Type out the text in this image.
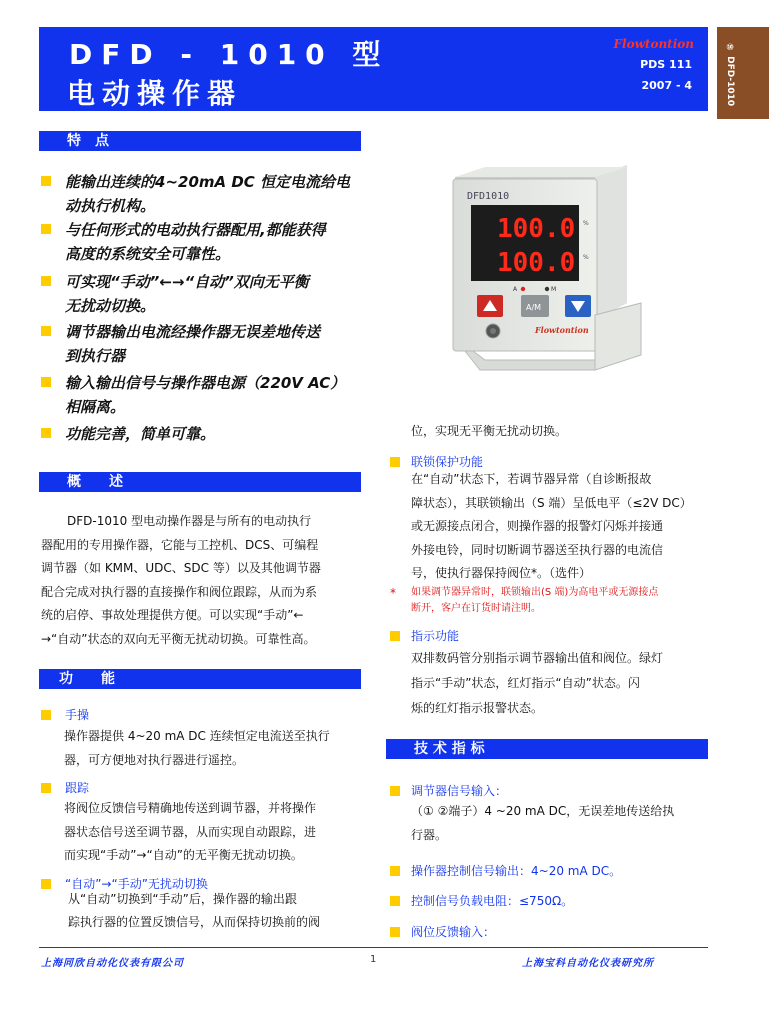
DFD - 1010 型
电动操作器
Flowtontion
PDS 111
2007 - 4	⑩ DFD-1010
特　点
能输出连续的4~20mA DC 恒定电流给电
动执行机构。
与任何形式的电动执行器配用,都能获得
高度的系统安全可靠性。
可实现“手动”←→“自动”双向无平衡
无扰动切换。
调节器输出电流经操作器无误差地传送
到执行器
输入输出信号与操作器电源（220V AC）
相隔离。
功能完善，简单可靠。
DFD1010
100.0
100.0
%
%
A	M
A/M
Flowtontion
概　　述
DFD-1010 型电动操作器是与所有的电动执行
器配用的专用操作器，它能与工控机、DCS、可编程
调节器（如 KMM、UDC、SDC 等）以及其他调节器
配合完成对执行器的直接操作和阀位跟踪，从而为系
统的启停、事故处理提供方便。可以实现“手动”←
→“自动”状态的双向无平衡无扰动切换。可靠性高。
功　　能
手操
操作器提供 4~20 mA DC 连续恒定电流送至执行
器，可方便地对执行器进行遥控。
跟踪
将阀位反馈信号精确地传送到调节器，并将操作
器状态信号送至调节器，从而实现自动跟踪，进
而实现“手动”→“自动”的无平衡无扰动切换。
“自动”→“手动”无扰动切换
从“自动”切换到“手动”后，操作器的输出跟
踪执行器的位置反馈信号，从而保持切换前的阀
位，实现无平衡无扰动切换。
联锁保护功能
在“自动”状态下，若调节器异常（自诊断报故
障状态），其联锁输出（S 端）呈低电平（≤2V DC）
或无源接点闭合，则操作器的报警灯闪烁并接通
外接电铃，同时切断调节器送至执行器的电流信
号，使执行器保持阀位*。（选件）
* 如果调节器异常时，联锁输出(S 端)为高电平或无源接点
断开，客户在订货时请注明。
指示功能
双排数码管分别指示调节器输出值和阀位。绿灯
指示“手动”状态，红灯指示“自动”状态。闪
烁的红灯指示报警状态。
技 术 指 标
调节器信号输入：
（① ②端子）4 ~20 mA DC，无误差地传送给执
行器。
操作器控制信号输出：4~20 mA DC。
控制信号负载电阻：≤750Ω。
阀位反馈输入：
上海同欣自动化仪表有限公司	1	上海宝科自动化仪表研究所
